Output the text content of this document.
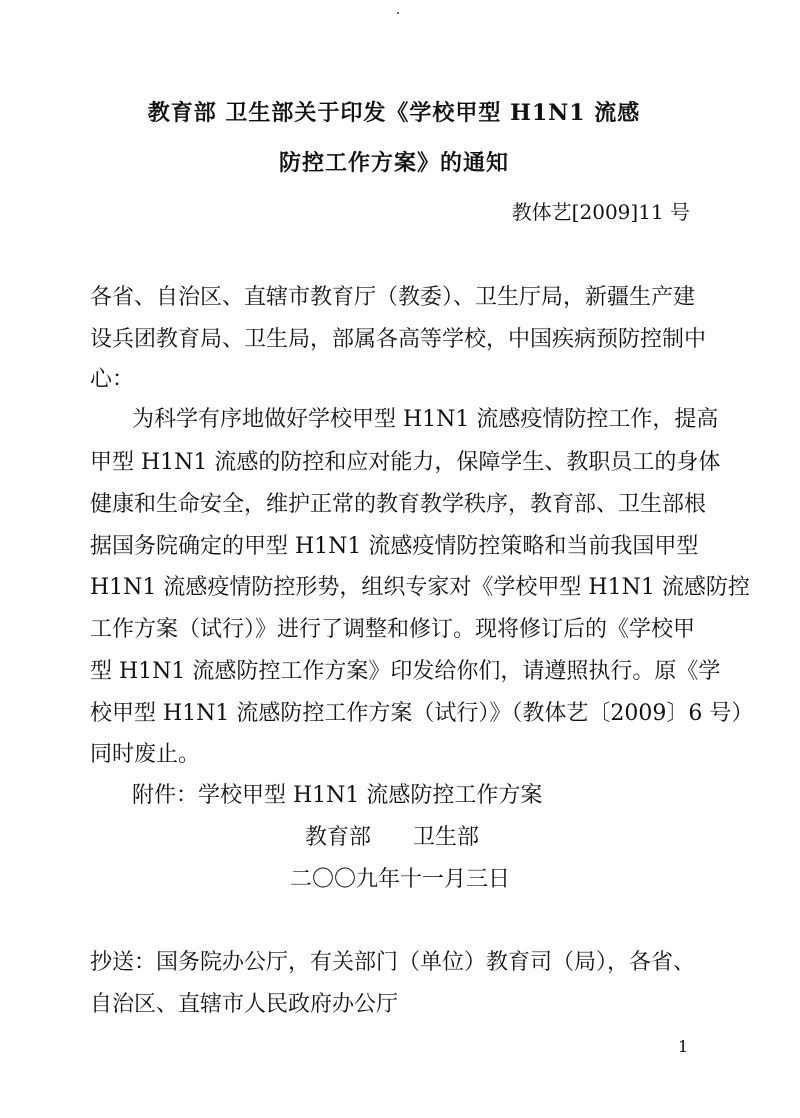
教育部 卫生部关于印发《学校甲型 H1N1 流感
防控工作方案》的通知
教体艺[2009]11 号
各省、自治区、直辖市教育厅（教委）、卫生厅局，新疆生产建
设兵团教育局、卫生局，部属各高等学校，中国疾病预防控制中
心：
为科学有序地做好学校甲型 H1N1 流感疫情防控工作，提高
甲型 H1N1 流感的防控和应对能力，保障学生、教职员工的身体
健康和生命安全，维护正常的教育教学秩序，教育部、卫生部根
据国务院确定的甲型 H1N1 流感疫情防控策略和当前我国甲型
H1N1 流感疫情防控形势，组织专家对《学校甲型 H1N1 流感防控
工作方案（试行）》进行了调整和修订。现将修订后的《学校甲
型 H1N1 流感防控工作方案》印发给你们，请遵照执行。原《学
校甲型 H1N1 流感防控工作方案（试行）》（教体艺〔2009〕6 号）
同时废止。
附件：学校甲型 H1N1 流感防控工作方案
教育部      卫生部
二〇〇九年十一月三日
抄送：国务院办公厅，有关部门（单位）教育司（局），各省、
自治区、直辖市人民政府办公厅
1
